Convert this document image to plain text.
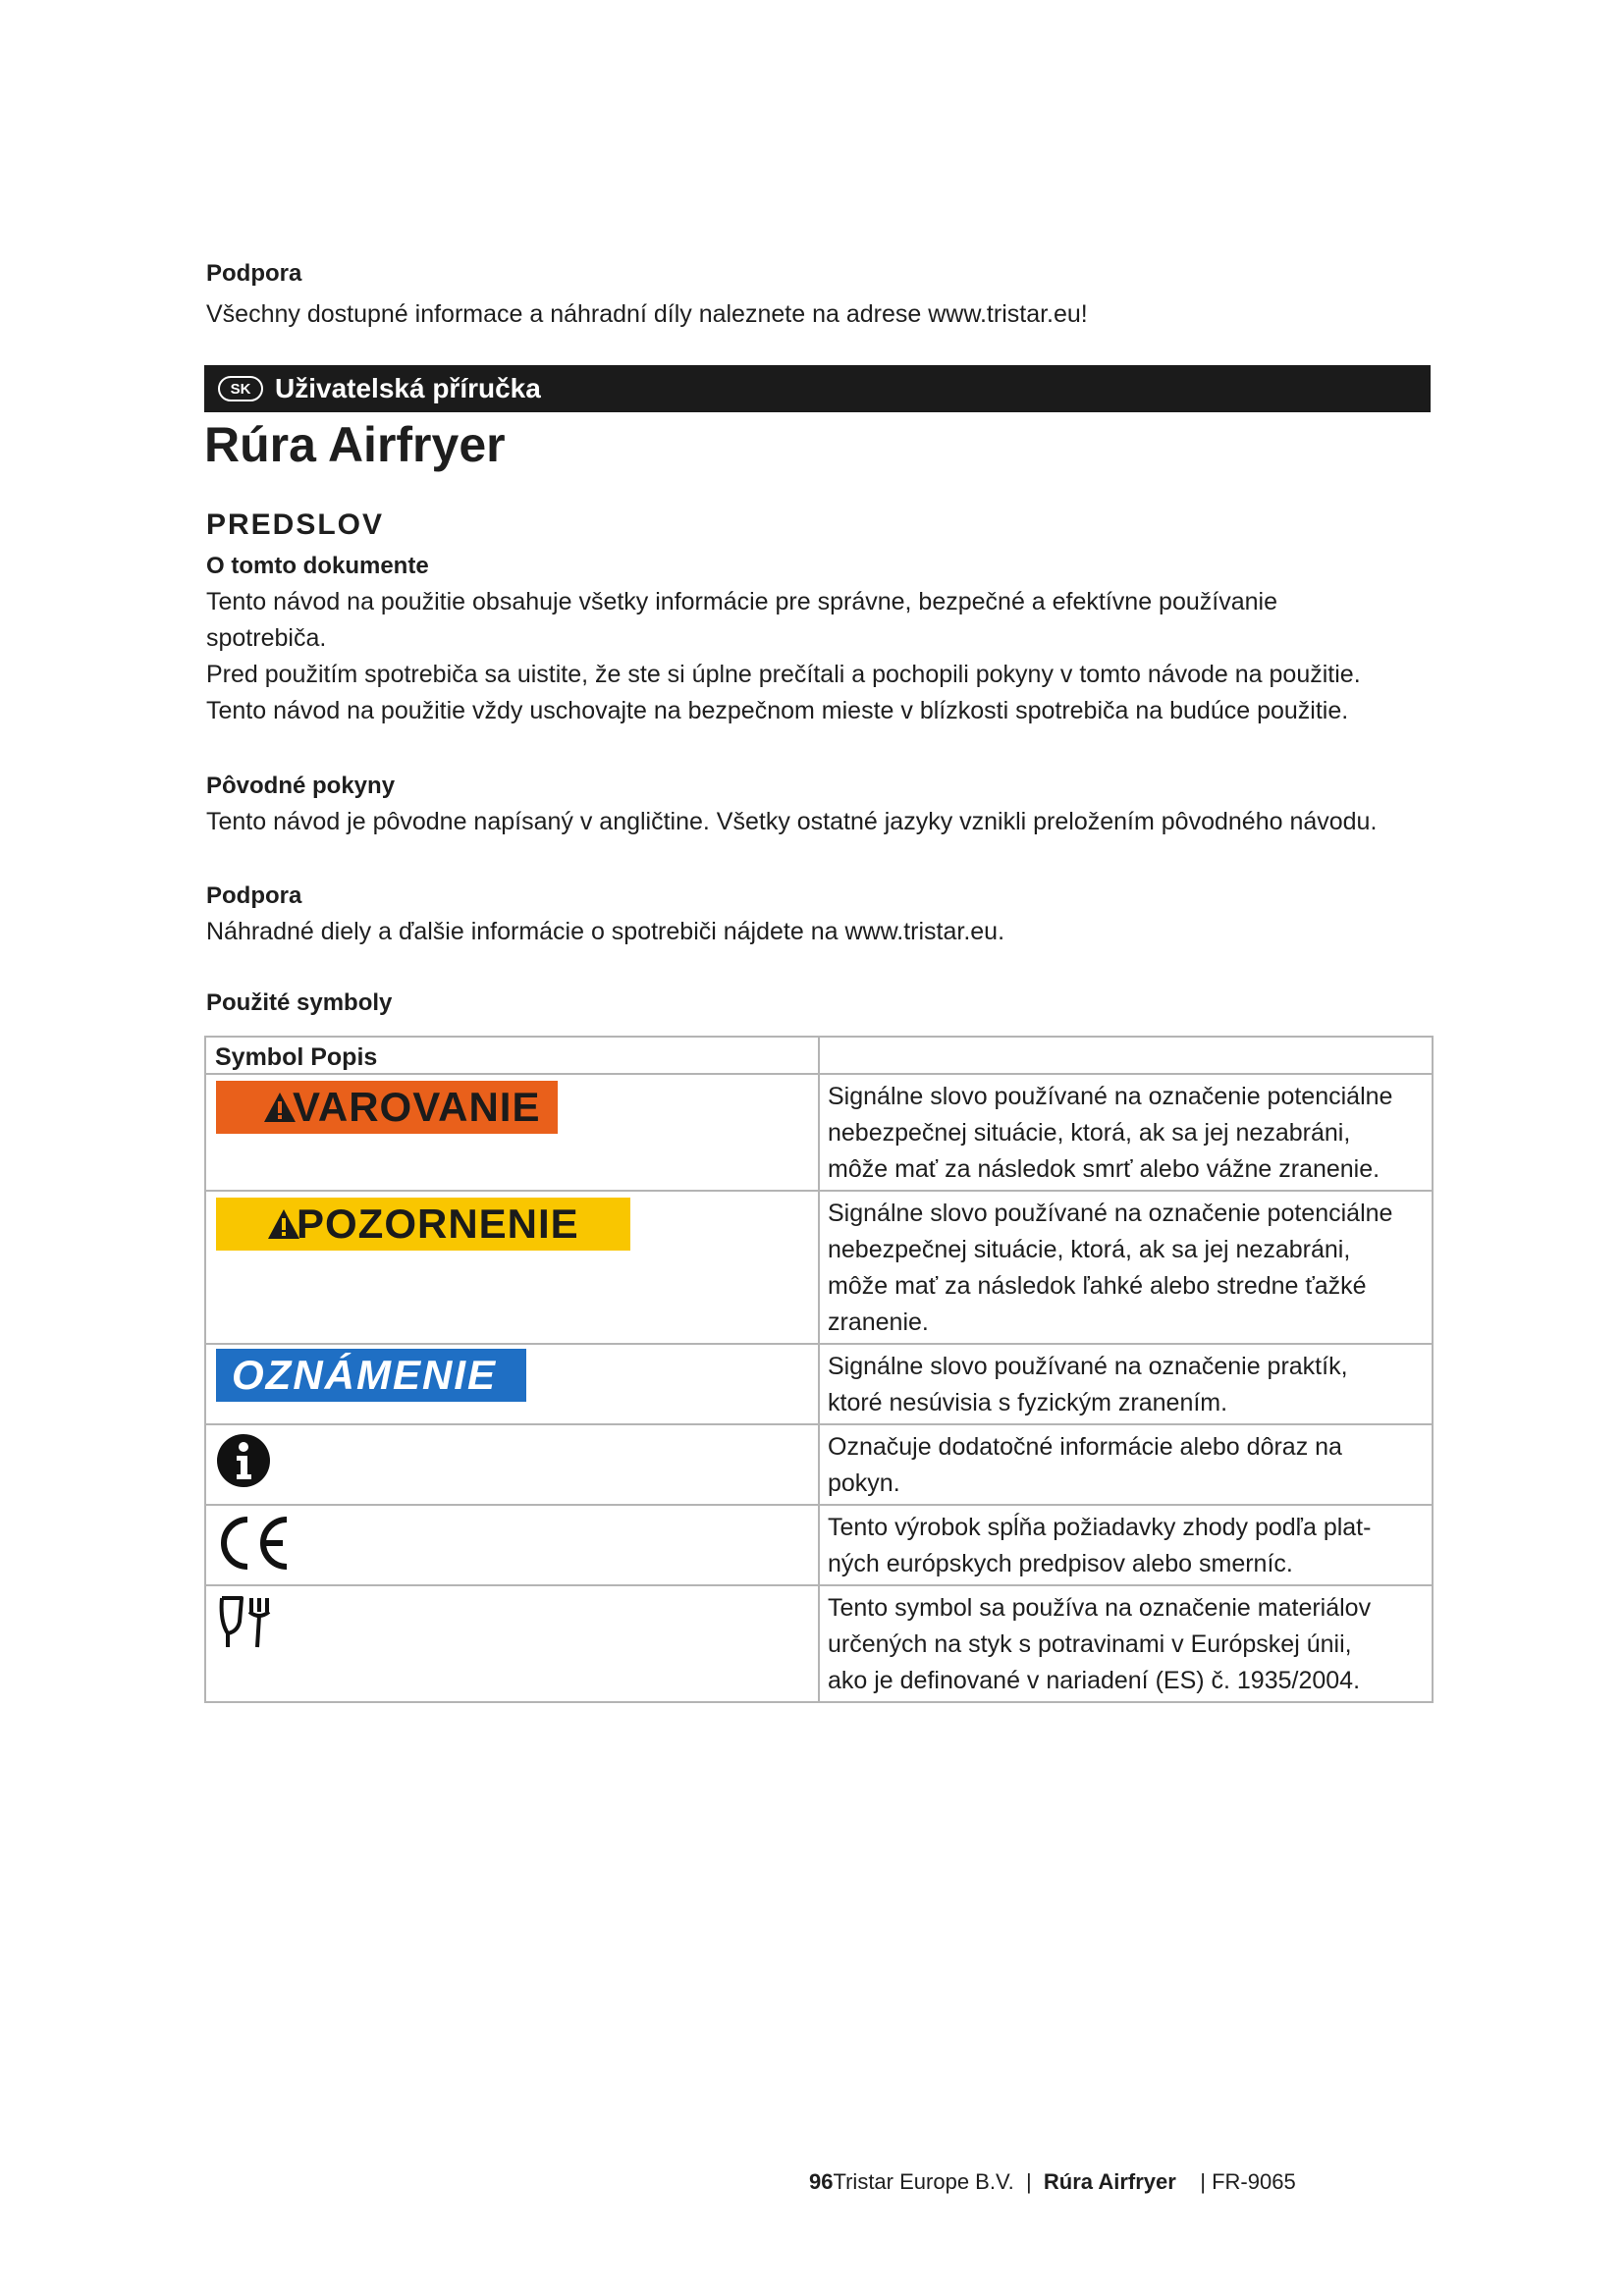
Podpora
Všechny dostupné informace a náhradní díly naleznete na adrese www.tristar.eu!
SK Uživatelská příručka
Rúra Airfryer
PREDSLOV
O tomto dokumente
Tento návod na použitie obsahuje všetky informácie pre správne, bezpečné a efektívne používanie
spotrebiča.
Pred použitím spotrebiča sa uistite, že ste si úplne prečítali a pochopili pokyny v tomto návode na použitie.
Tento návod na použitie vždy uschovajte na bezpečnom mieste v blízkosti spotrebiča na budúce použitie.
Pôvodné pokyny
Tento návod je pôvodne napísaný v angličtine. Všetky ostatné jazyky vznikli preložením pôvodného návodu.
Podpora
Náhradné diely a ďalšie informácie o spotrebiči nájdete na www.tristar.eu.
Použité symboly
Symbol Popis	

VAROVANIE	Signálne slovo používané na označenie potenciálne
nebezpečnej situácie, ktorá, ak sa jej nezabráni,
môže mať za následok smrť alebo vážne zranenie.

POZORNENIE	Signálne slovo používané na označenie potenciálne
nebezpečnej situácie, ktorá, ak sa jej nezabráni,
môže mať za následok ľahké alebo stredne ťažké
zranenie.

OZNÁMENIE	Signálne slovo používané na označenie praktík,
ktoré nesúvisia s fyzickým zranením.

Označuje dodatočné informácie alebo dôraz na
pokyn.

Tento výrobok spĺňa požiadavky zhody podľa plat-
ných európskych predpisov alebo smerníc.

Tento symbol sa používa na označenie materiálov
určených na styk s potravinami v Európskej únii,
ako je definované v nariadení (ES) č. 1935/2004.
96Tristar Europe B.V. | Rúra Airfryer | FR-9065
